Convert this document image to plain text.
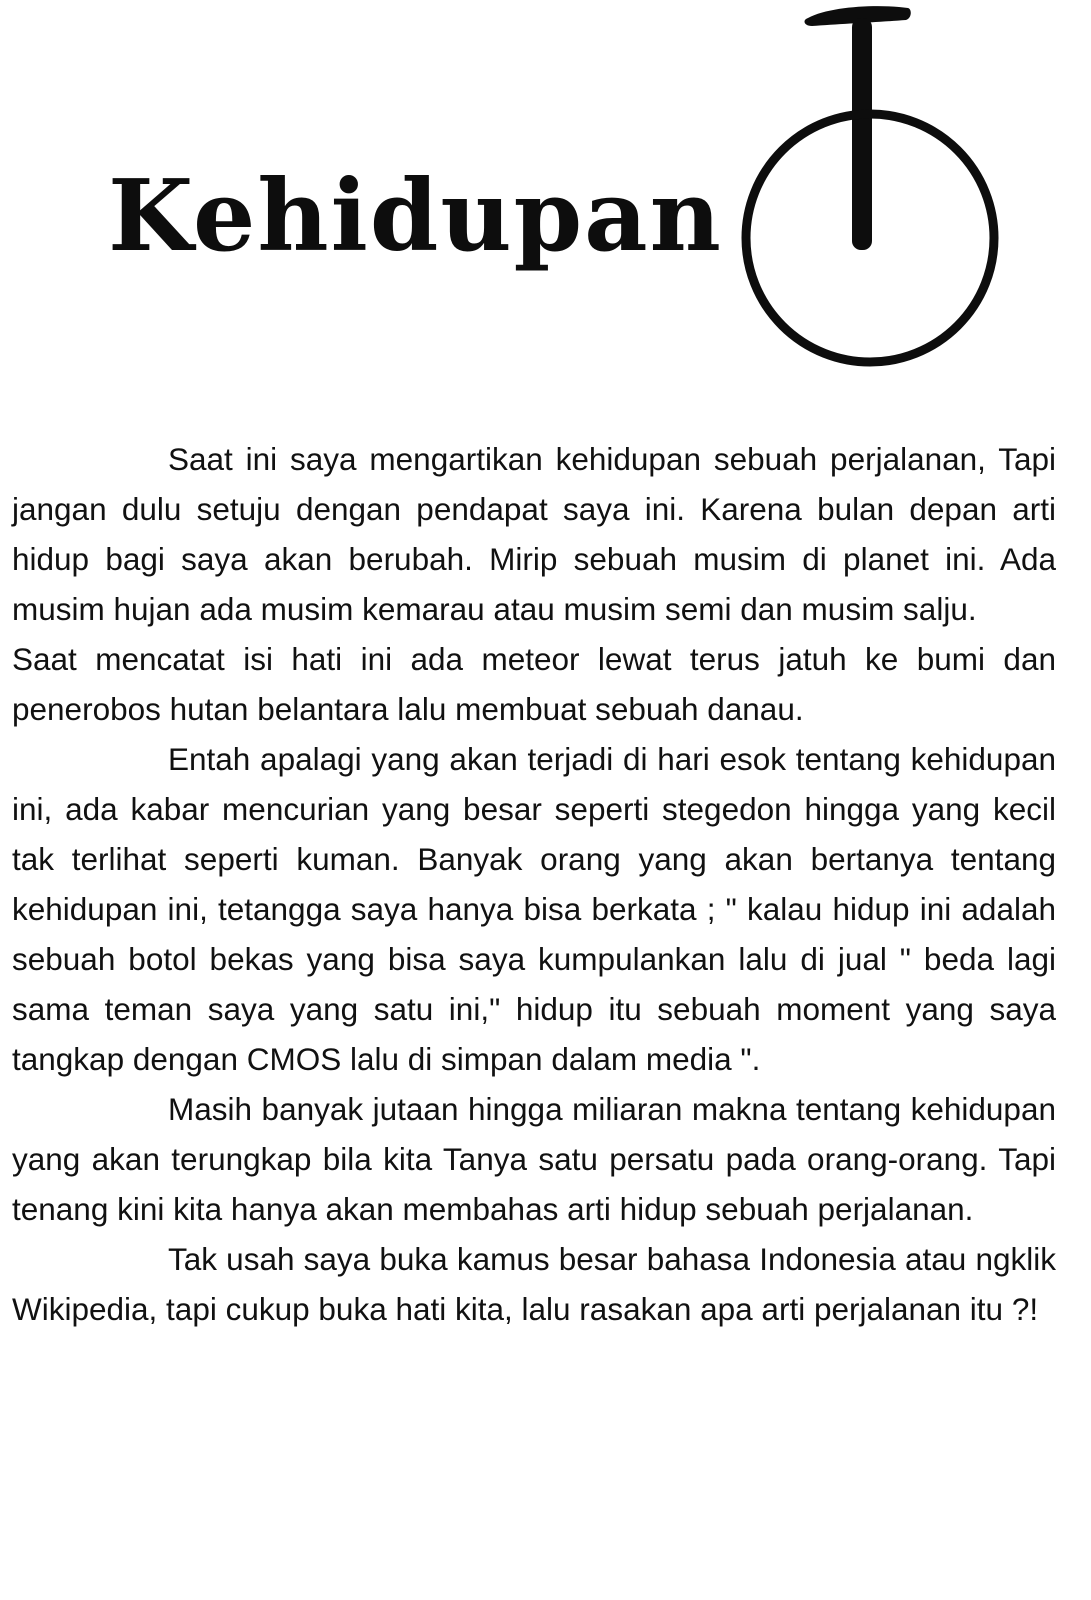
Kehidupan

Saat ini saya mengartikan kehidupan sebuah perjalanan, Tapi jangan dulu setuju dengan pendapat saya ini. Karena bulan depan arti hidup bagi saya akan berubah. Mirip sebuah musim di planet ini. Ada musim hujan ada musim kemarau atau musim semi dan musim salju.

Saat mencatat isi hati ini ada meteor lewat terus jatuh ke bumi dan penerobos hutan belantara lalu membuat sebuah danau.

Entah apalagi yang akan terjadi di hari esok tentang kehidupan ini, ada kabar mencurian yang besar seperti stegedon hingga yang kecil tak terlihat seperti kuman. Banyak orang yang akan bertanya tentang kehidupan ini, tetangga saya hanya bisa berkata ; " kalau hidup ini adalah sebuah botol bekas yang bisa saya kumpulankan lalu di jual " beda lagi sama teman saya yang satu ini," hidup itu sebuah moment yang saya tangkap dengan CMOS lalu di simpan dalam media ".

Masih banyak jutaan hingga miliaran makna tentang kehidupan yang akan terungkap bila kita Tanya satu persatu pada orang-orang. Tapi tenang kini kita hanya akan membahas arti hidup sebuah perjalanan.

Tak usah saya buka kamus besar bahasa Indonesia atau ngklik Wikipedia, tapi cukup buka hati kita, lalu rasakan apa arti perjalanan itu ?!
